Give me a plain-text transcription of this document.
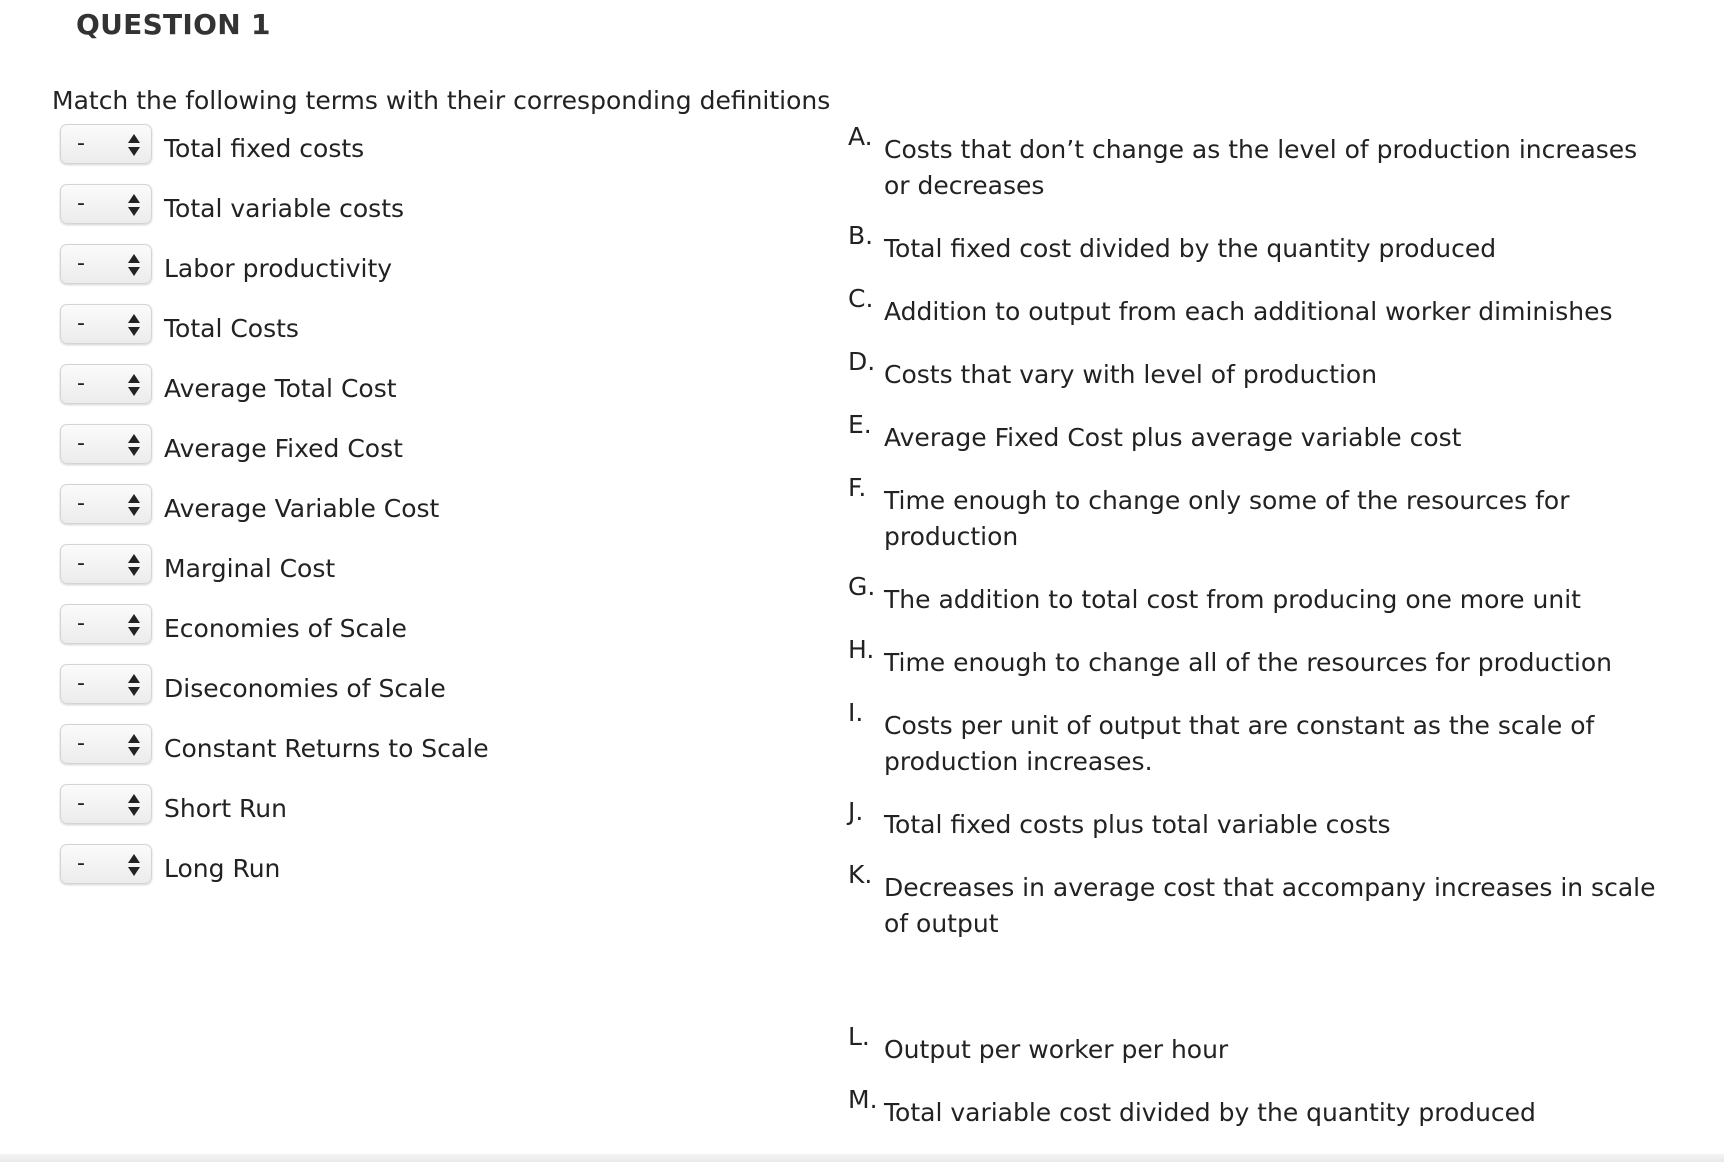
QUESTION 1
Match the following terms with their corresponding definitions
-	Total fixed costs
-	Total variable costs
-	Labor productivity
-	Total Costs
-	Average Total Cost
-	Average Fixed Cost
-	Average Variable Cost
-	Marginal Cost
-	Economies of Scale
-	Diseconomies of Scale
-	Constant Returns to Scale
-	Short Run
-	Long Run
A. Costs that don’t change as the level of production increases or decreases
B. Total fixed cost divided by the quantity produced
C. Addition to output from each additional worker diminishes
D. Costs that vary with level of production
E. Average Fixed Cost plus average variable cost
F. Time enough to change only some of the resources for production
G. The addition to total cost from producing one more unit
H. Time enough to change all of the resources for production
I. Costs per unit of output that are constant as the scale of production increases.
J. Total fixed costs plus total variable costs
K. Decreases in average cost that accompany increases in scale of output
L. Output per worker per hour
M. Total variable cost divided by the quantity produced
